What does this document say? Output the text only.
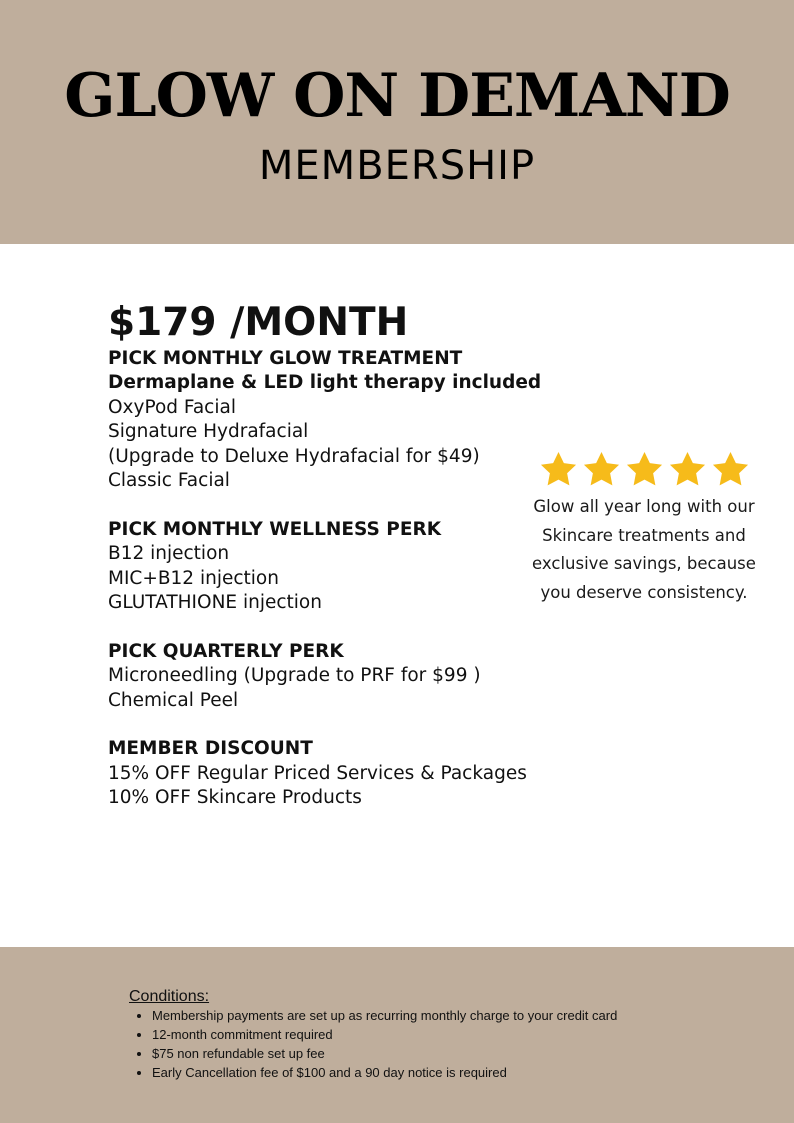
GLOW ON DEMAND
MEMBERSHIP
$179 /MONTH
PICK MONTHLY GLOW TREATMENT
Dermaplane & LED light therapy included
OxyPod Facial
Signature Hydrafacial
(Upgrade to Deluxe Hydrafacial for $49)
Classic Facial
PICK MONTHLY WELLNESS PERK
B12 injection
MIC+B12 injection
GLUTATHIONE injection
PICK QUARTERLY PERK
Microneedling (Upgrade to PRF for $99 )
Chemical Peel
MEMBER DISCOUNT
15% OFF Regular Priced Services & Packages
10% OFF Skincare Products
Glow all year long with our Skincare treatments and exclusive savings, because you deserve consistency.
Conditions:
• Membership payments are set up as recurring monthly charge to your credit card
• 12-month commitment required
• $75 non refundable set up fee
• Early Cancellation fee of $100 and a 90 day notice is required
